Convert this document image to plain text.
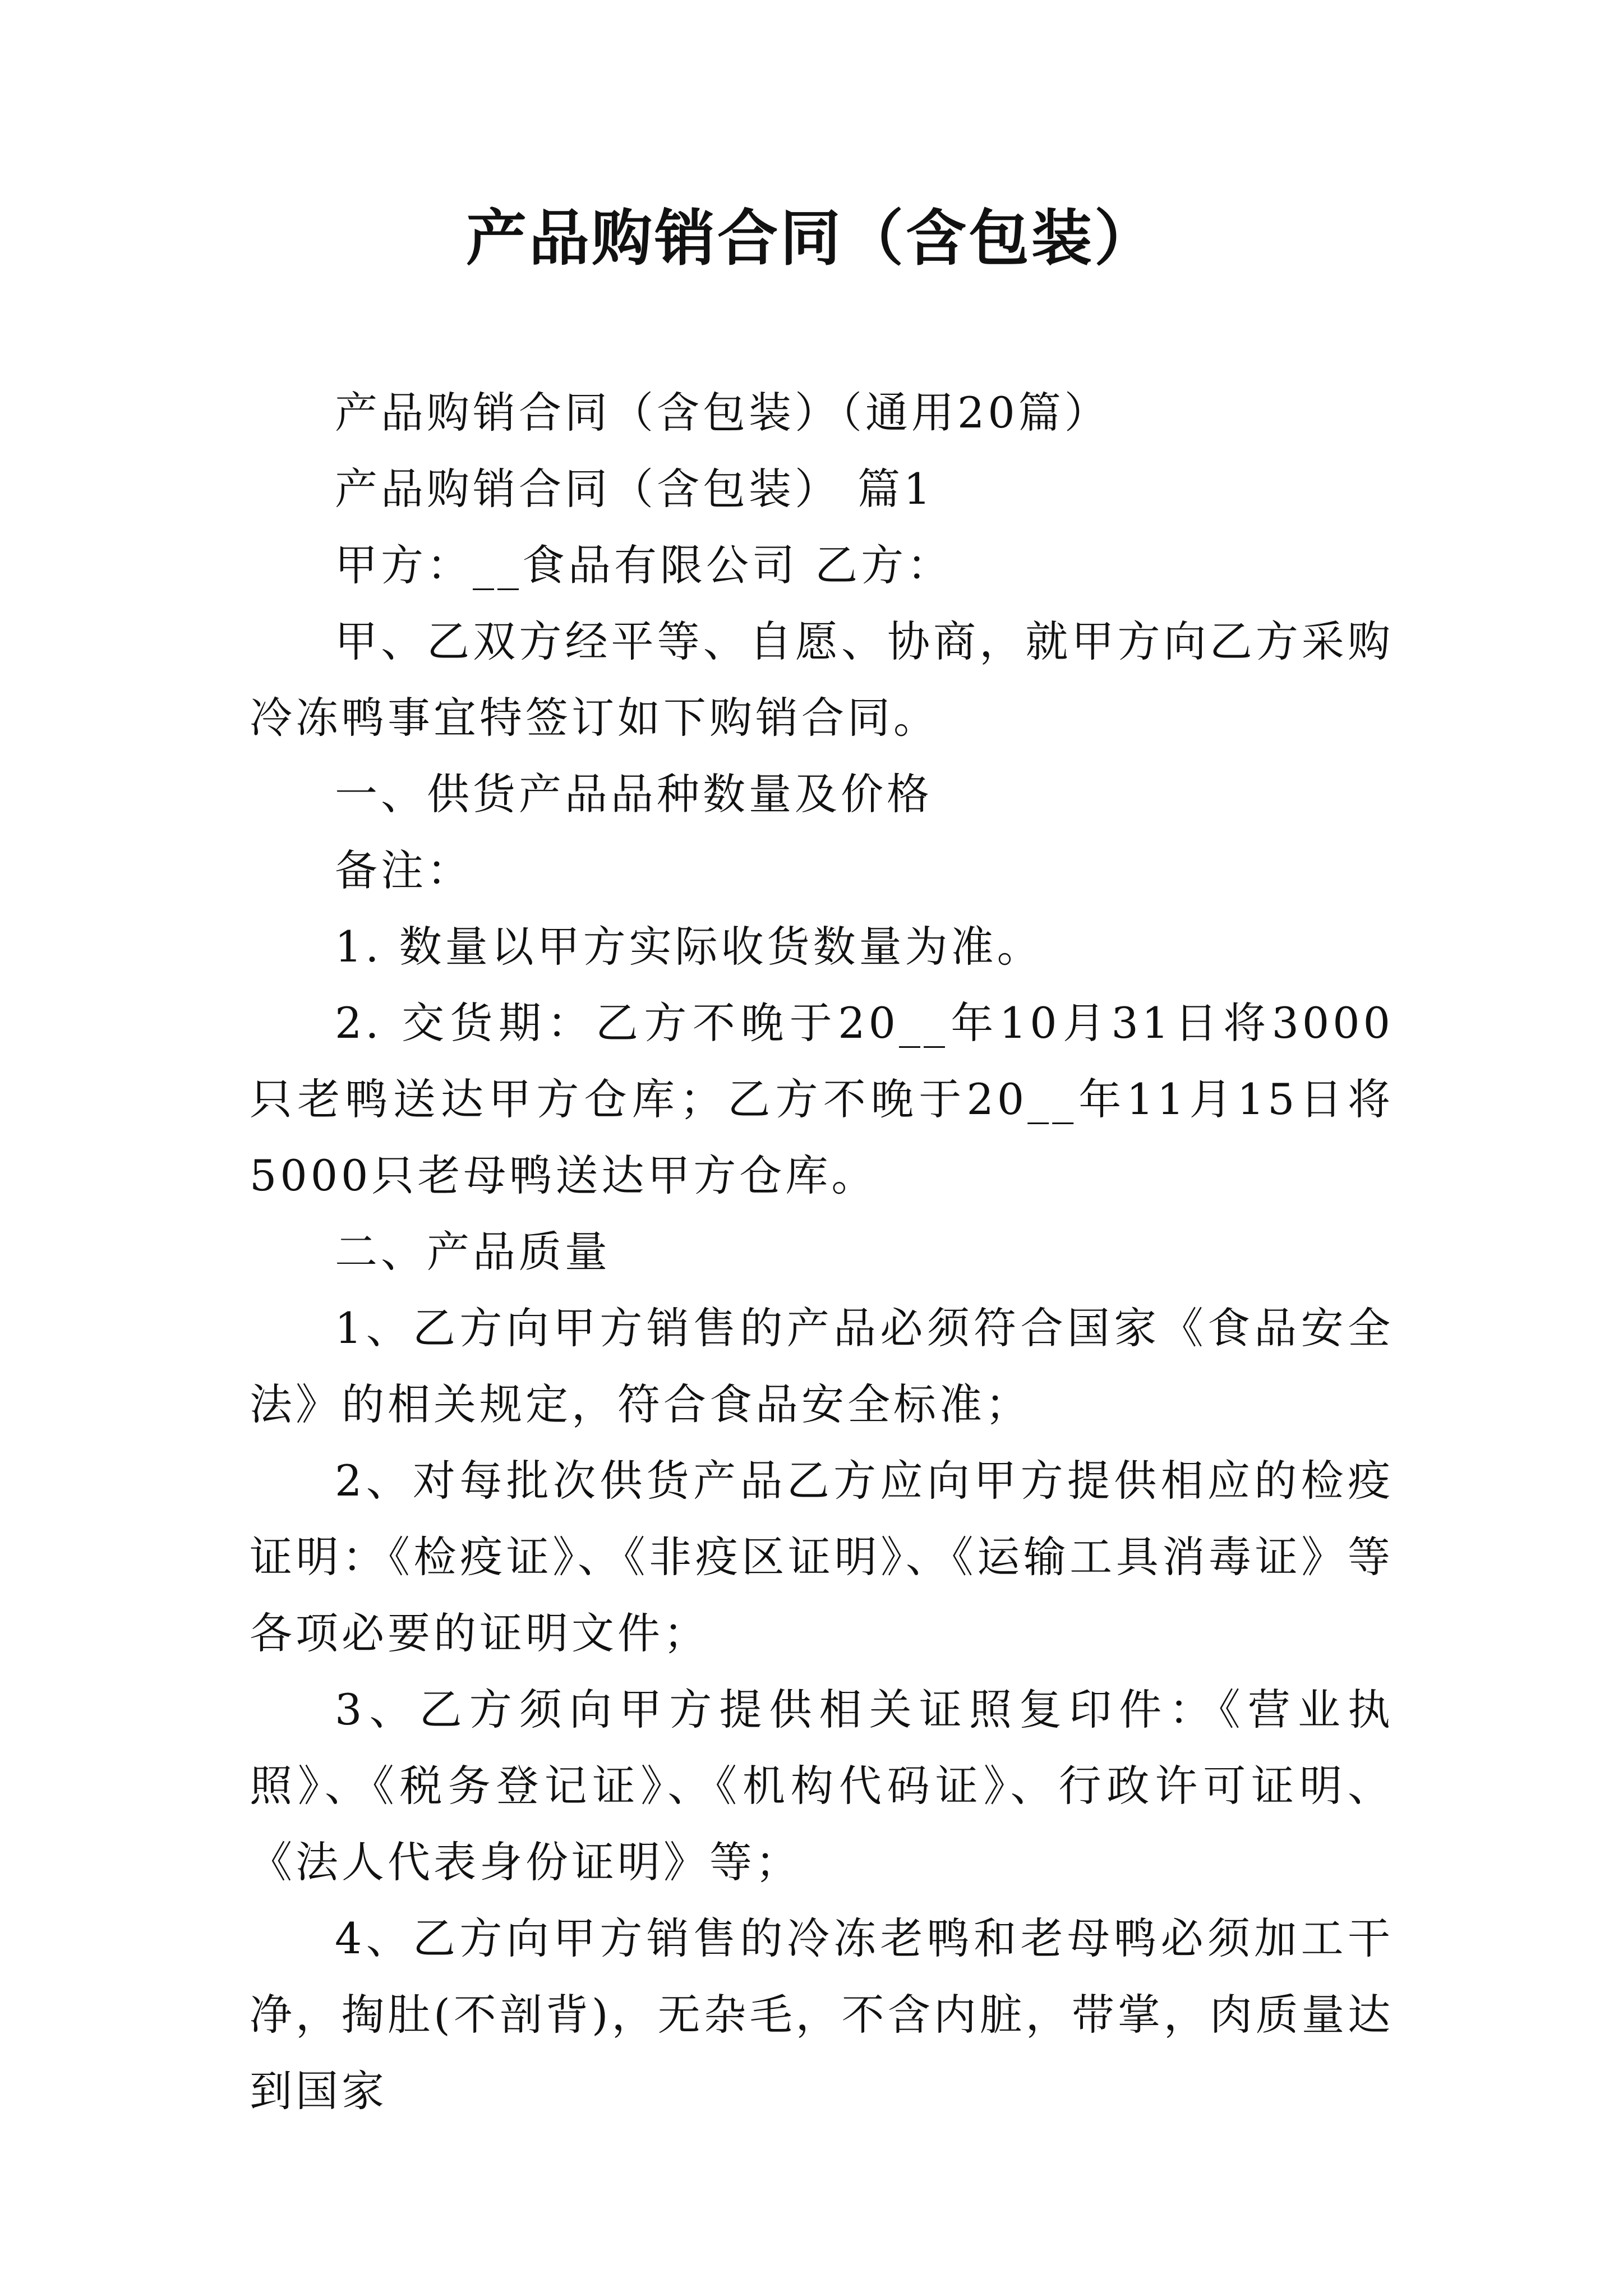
产品购销合同（含包装）

产品购销合同（含包装）（通用20篇）

产品购销合同（含包装） 篇1

甲方：__食品有限公司 乙方：

甲、乙双方经平等、自愿、协商，就甲方向乙方采购冷冻鸭事宜特签订如下购销合同。

一、供货产品品种数量及价格

备注：

1. 数量以甲方实际收货数量为准。

2. 交货期：乙方不晚于20__年10月31日将3000只老鸭送达甲方仓库；乙方不晚于20__年11月15日将5000只老母鸭送达甲方仓库。

二、产品质量

1、乙方向甲方销售的产品必须符合国家《食品安全法》的相关规定，符合食品安全标准；

2、对每批次供货产品乙方应向甲方提供相应的检疫证明：《检疫证》、《非疫区证明》、《运输工具消毒证》等各项必要的证明文件；

3、乙方须向甲方提供相关证照复印件：《营业执照》、《税务登记证》、《机构代码证》、行政许可证明、《法人代表身份证明》等；

4、乙方向甲方销售的冷冻老鸭和老母鸭必须加工干净，掏肚(不剖背)，无杂毛，不含内脏，带掌，肉质量达到国家
